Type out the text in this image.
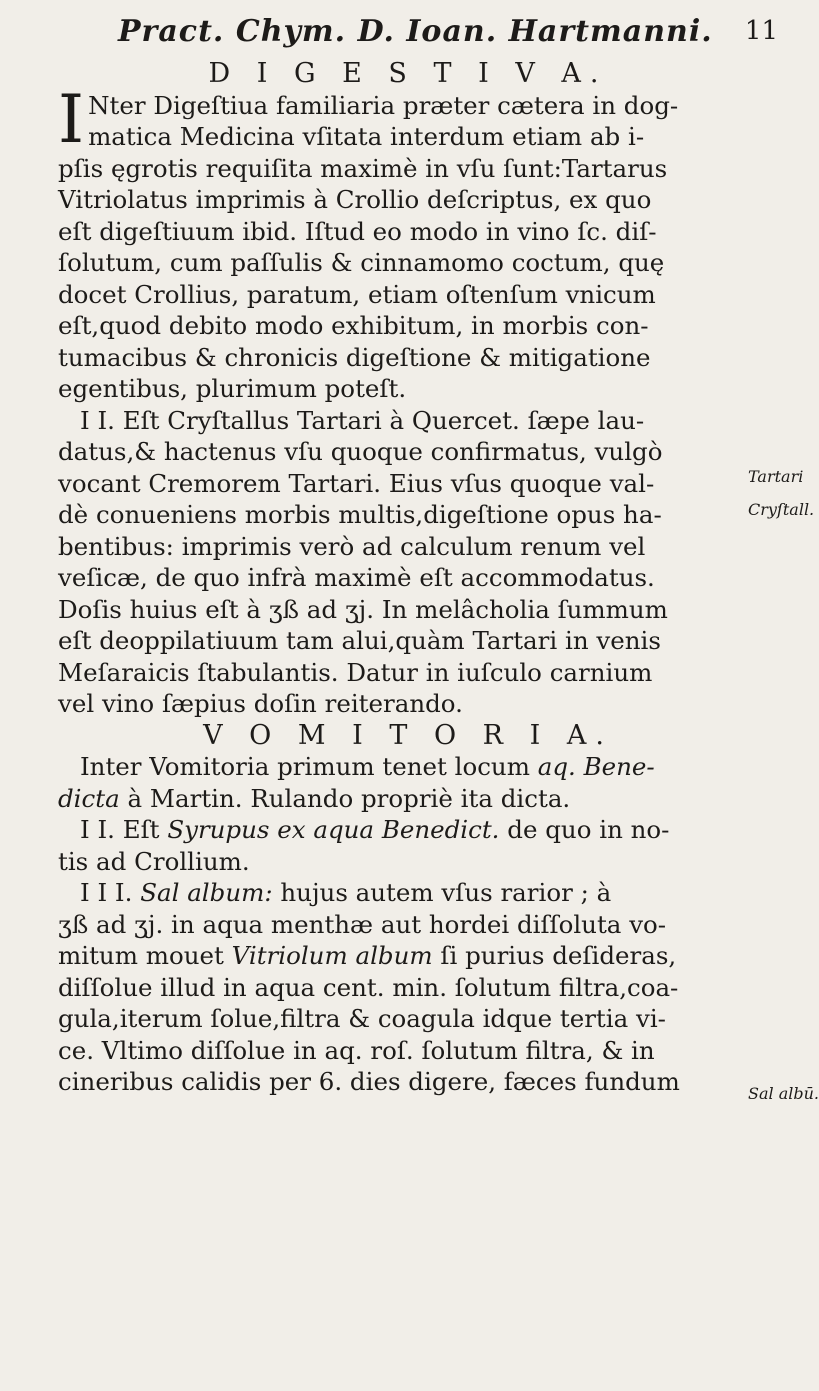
Pract. Chym. D. Ioan. Hartmanni. 11
D I G E S T I V A.
I Nter Digeſtiua familiaria præter cætera in dog-
matica Medicina vſitata interdum etiam ab i-
pſis ęgrotis requiſita maximè in vſu ſunt:Tartarus
Vitriolatus imprimis à Crollio deſcriptus, ex quo
eſt digeſtiuum ibid. Iſtud eo modo in vino ſc. diſ-
ſolutum, cum paſſulis & cinnamomo coctum, quę
docet Crollius, paratum, etiam oſtenſum vnicum
eſt,quod debito modo exhibitum, in morbis con-
tumacibus & chronicis digeſtione & mitigatione
egentibus, plurimum poteſt.
I I. Eſt Cryſtallus Tartari à Quercet. ſæpe lau-
datus,& hactenus vſu quoque confirmatus, vulgò
vocant Cremorem Tartari. Eius vſus quoque val-
dè conueniens morbis multis,digeſtione opus ha-
bentibus: imprimis verò ad calculum renum vel
veſicæ, de quo infrà maximè eſt accommodatus.
Doſis huius eſt à ʒß ad ʒj. In melâcholia ſummum
eſt deoppilatiuum tam alui,quàm Tartari in venis
Meſaraicis ſtabulantis. Datur in iuſculo carnium
vel vino ſæpius doſin reiterando.
V O M I T O R I A.
Inter Vomitoria primum tenet locum aq. Bene-
dicta à Martin. Rulando propriè ita dicta.
I I. Eſt Syrupus ex aqua Benedict. de quo in no-
tis ad Crollium.
I I I. Sal album: hujus autem vſus rarior ; à
ʒß ad ʒj. in aqua menthæ aut hordei diſſoluta vo-
mitum mouet Vitriolum album ſi purius deſideras,
diſſolue illud in aqua cent. min. ſolutum filtra,coa-
gula,iterum ſolue,filtra & coagula idque tertia vi-
ce. Vltimo diſſolue in aq. roſ. ſolutum filtra, & in
cineribus calidis per 6. dies digere, fæces fundum
Tartari
Cryſtall.
Sal albū.
